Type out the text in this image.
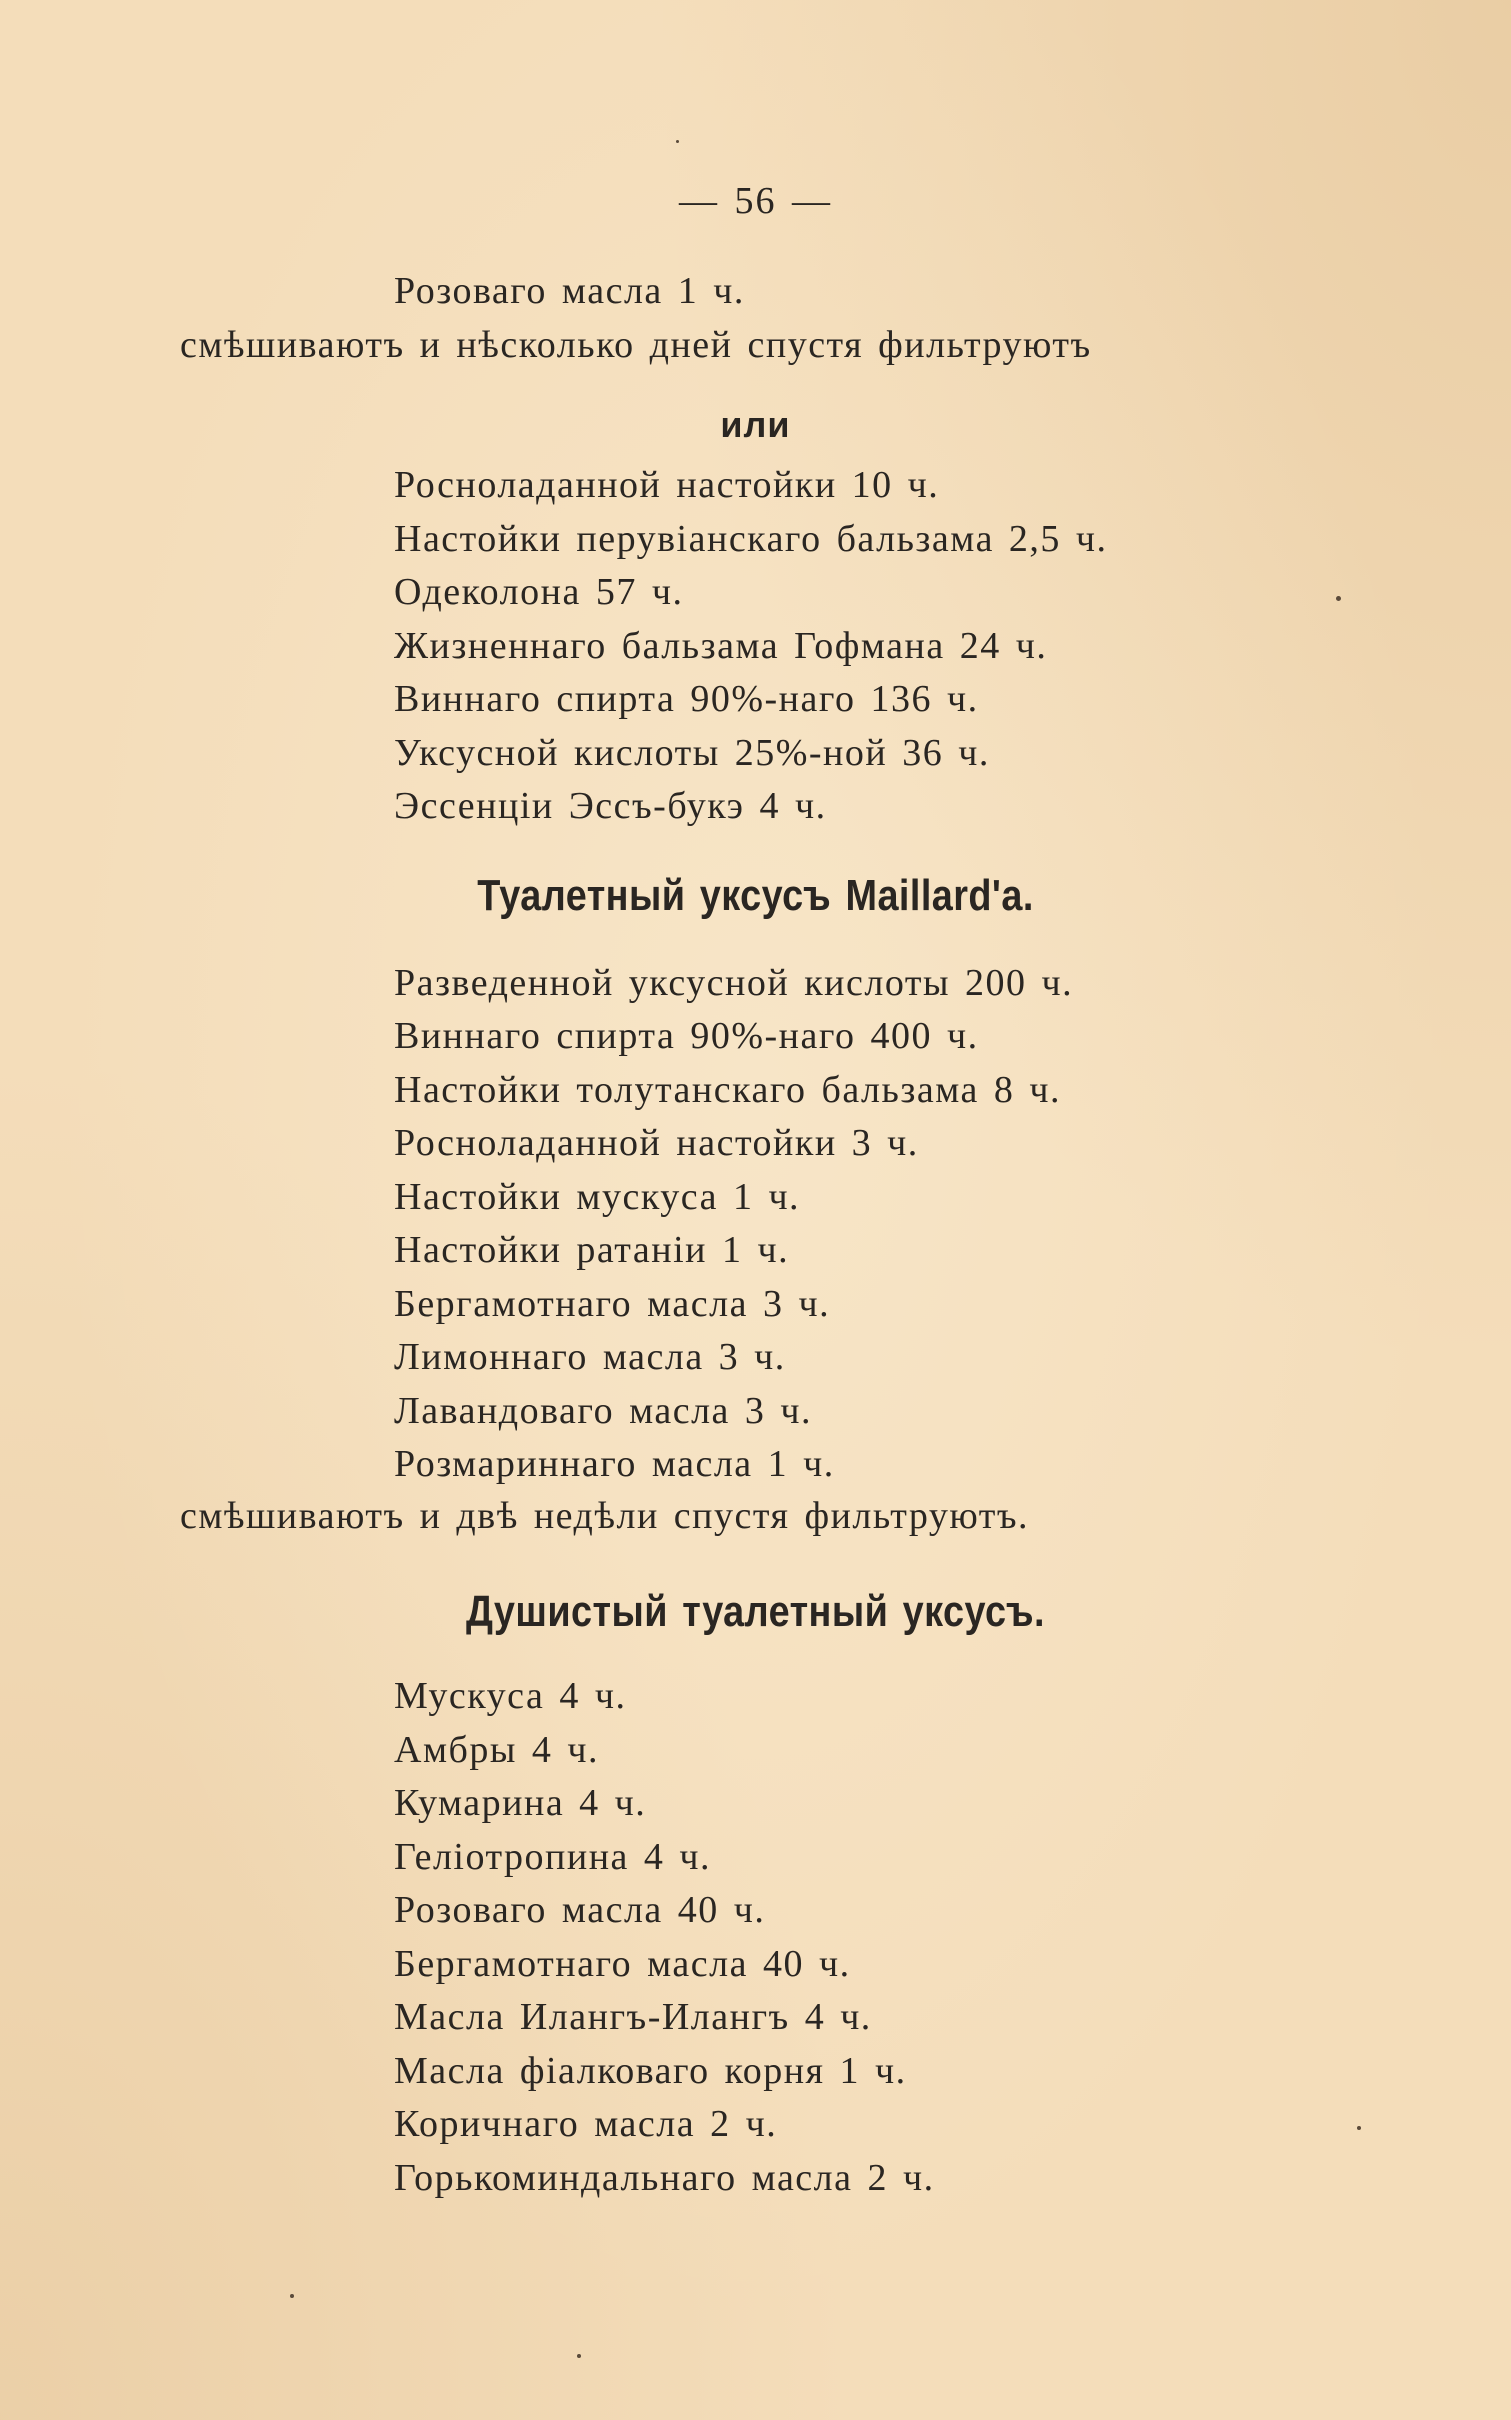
— 56 —
Розоваго масла 1 ч.
смѣшиваютъ и нѣсколько дней спустя фильтруютъ
или
Росноладанной настойки 10 ч.
Настойки перувіанскаго бальзама 2,5 ч.
Одеколона 57 ч.
Жизненнаго бальзама Гофмана 24 ч.
Виннаго спирта 90%-наго 136 ч.
Уксусной кислоты 25%-ной 36 ч.
Эссенціи Эссъ-букэ 4 ч.
Туалетный уксусъ Maillard'а.
Разведенной уксусной кислоты 200 ч.
Виннаго спирта 90%-наго 400 ч.
Настойки толутанскаго бальзама 8 ч.
Росноладанной настойки 3 ч.
Настойки мускуса 1 ч.
Настойки ратаніи 1 ч.
Бергамотнаго масла 3 ч.
Лимоннаго масла 3 ч.
Лавандоваго масла 3 ч.
Розмариннаго масла 1 ч.
смѣшиваютъ и двѣ недѣли спустя фильтруютъ.
Душистый туалетный уксусъ.
Мускуса 4 ч.
Амбры 4 ч.
Кумарина 4 ч.
Геліотропина 4 ч.
Розоваго масла 40 ч.
Бергамотнаго масла 40 ч.
Масла Илангъ-Илангъ 4 ч.
Масла фіалковаго корня 1 ч.
Коричнаго масла 2 ч.
Горькоминдальнаго масла 2 ч.
